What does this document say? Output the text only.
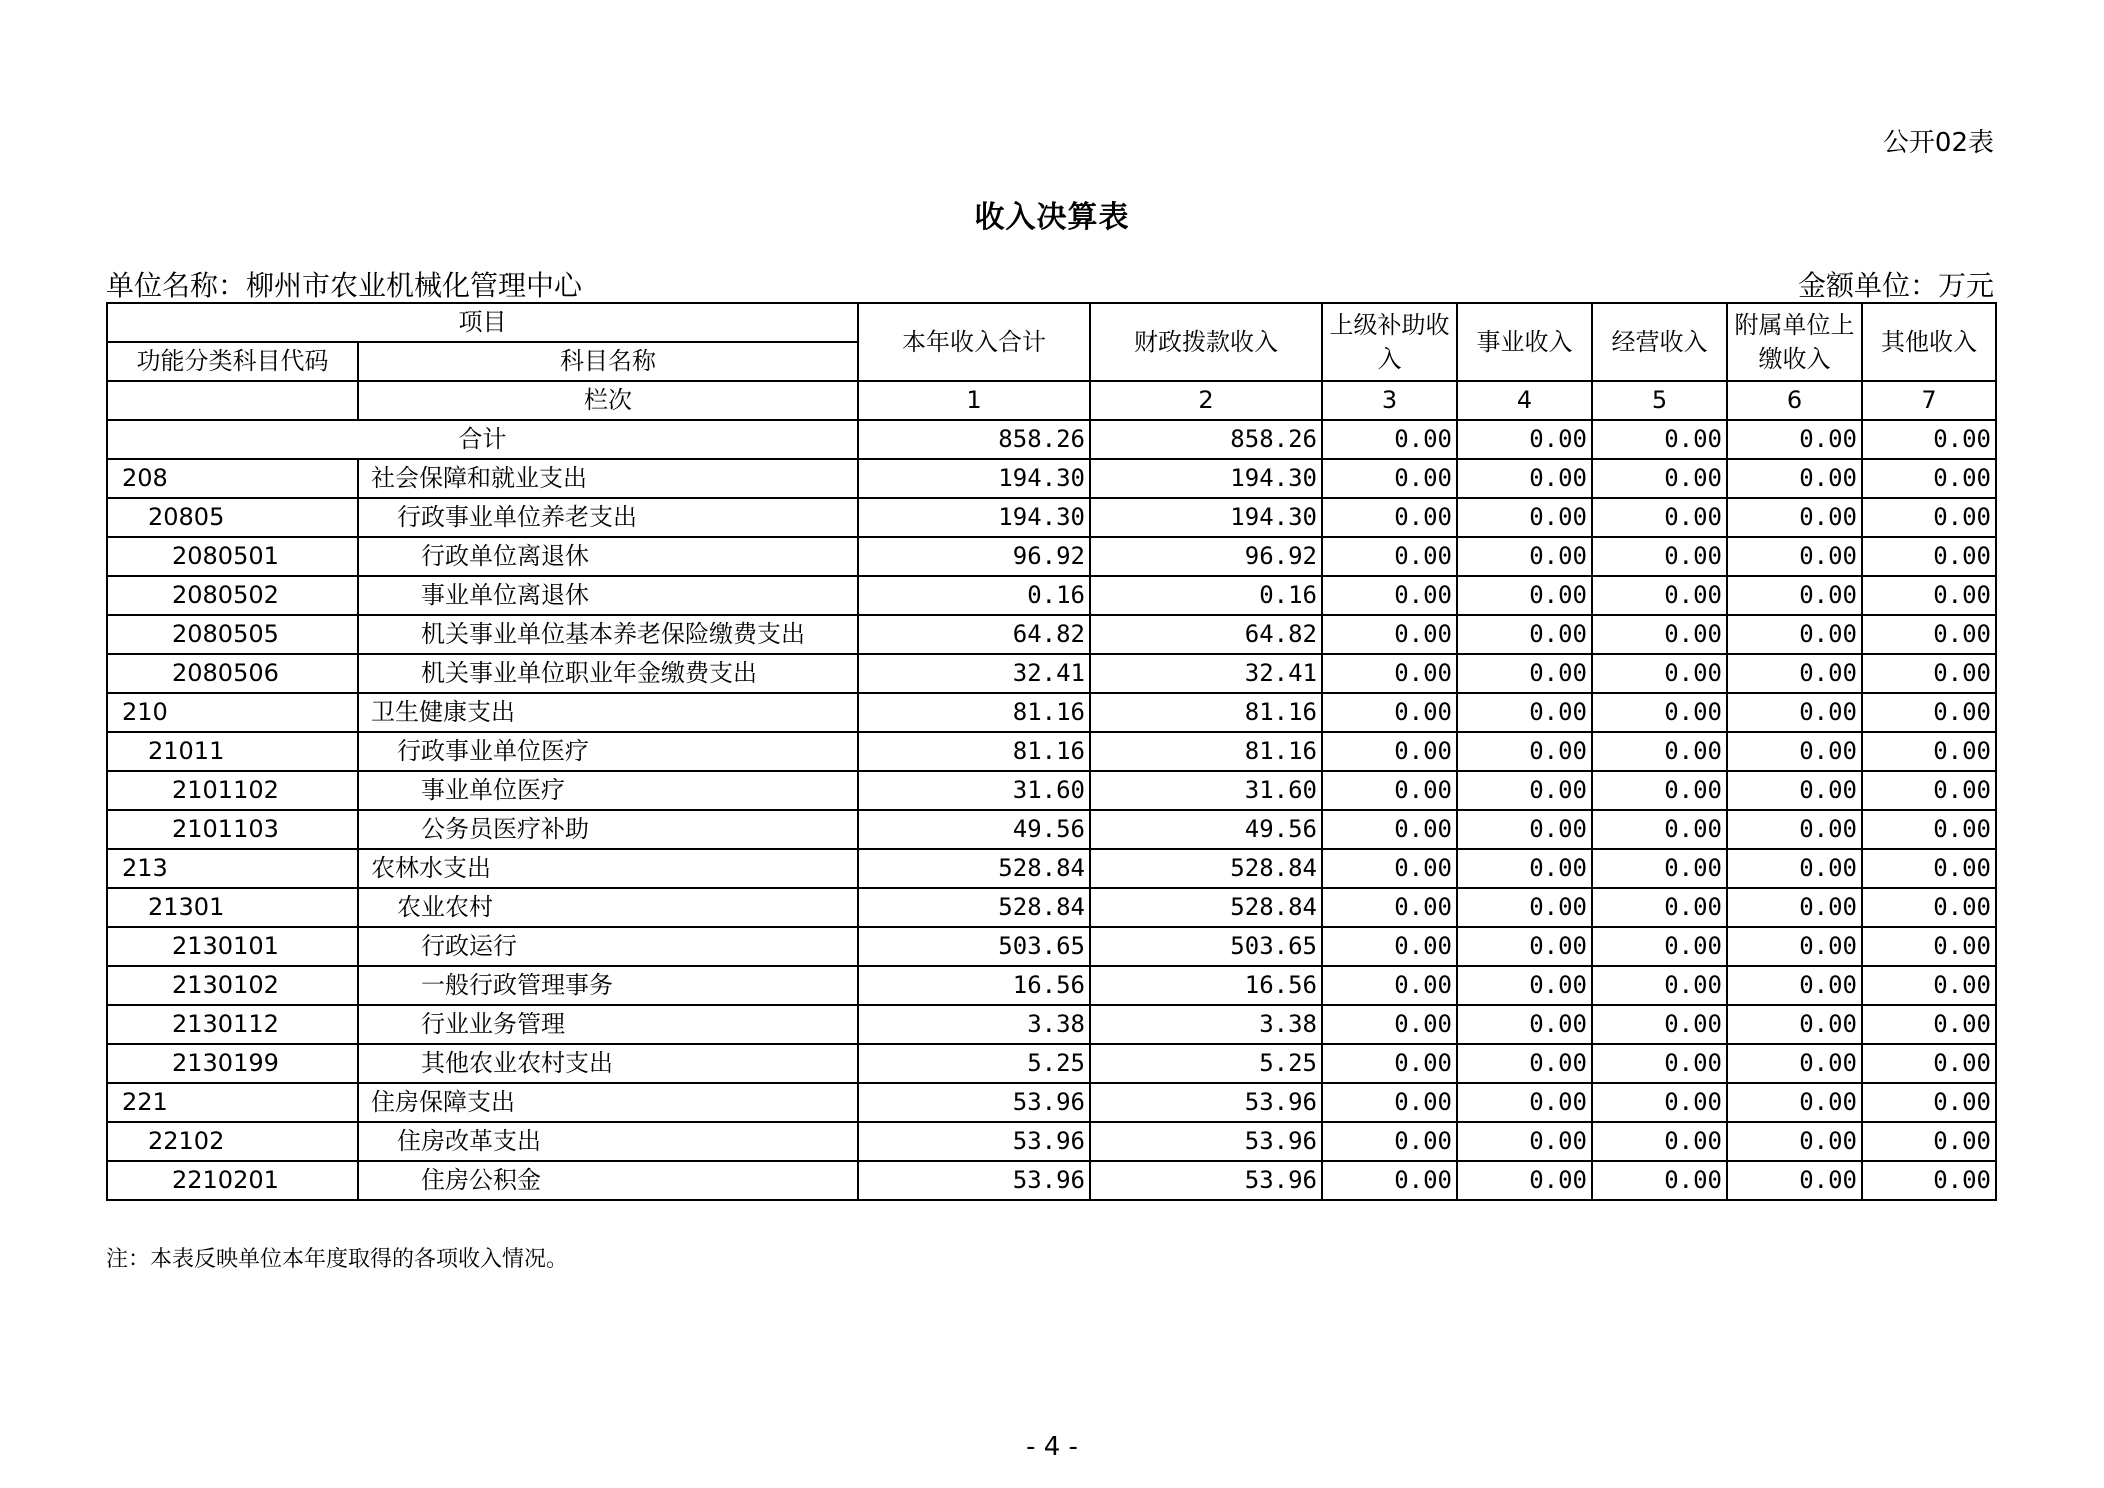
公开02表
收入决算表
单位名称：柳州市农业机械化管理中心	金额单位：万元
项目		本年收入合计	财政拨款收入	上级补助收入	事业收入	经营收入	附属单位上缴收入	其他收入
功能分类科目代码	科目名称							
	栏次	1	2	3	4	5	6	7
合计		858.26	858.26	0.00	0.00	0.00	0.00	0.00
208	社会保障和就业支出	194.30	194.30	0.00	0.00	0.00	0.00	0.00
20805	行政事业单位养老支出	194.30	194.30	0.00	0.00	0.00	0.00	0.00
2080501	行政单位离退休	96.92	96.92	0.00	0.00	0.00	0.00	0.00
2080502	事业单位离退休	0.16	0.16	0.00	0.00	0.00	0.00	0.00
2080505	机关事业单位基本养老保险缴费支出	64.82	64.82	0.00	0.00	0.00	0.00	0.00
2080506	机关事业单位职业年金缴费支出	32.41	32.41	0.00	0.00	0.00	0.00	0.00
210	卫生健康支出	81.16	81.16	0.00	0.00	0.00	0.00	0.00
21011	行政事业单位医疗	81.16	81.16	0.00	0.00	0.00	0.00	0.00
2101102	事业单位医疗	31.60	31.60	0.00	0.00	0.00	0.00	0.00
2101103	公务员医疗补助	49.56	49.56	0.00	0.00	0.00	0.00	0.00
213	农林水支出	528.84	528.84	0.00	0.00	0.00	0.00	0.00
21301	农业农村	528.84	528.84	0.00	0.00	0.00	0.00	0.00
2130101	行政运行	503.65	503.65	0.00	0.00	0.00	0.00	0.00
2130102	一般行政管理事务	16.56	16.56	0.00	0.00	0.00	0.00	0.00
2130112	行业业务管理	3.38	3.38	0.00	0.00	0.00	0.00	0.00
2130199	其他农业农村支出	5.25	5.25	0.00	0.00	0.00	0.00	0.00
221	住房保障支出	53.96	53.96	0.00	0.00	0.00	0.00	0.00
22102	住房改革支出	53.96	53.96	0.00	0.00	0.00	0.00	0.00
2210201	住房公积金	53.96	53.96	0.00	0.00	0.00	0.00	0.00
注：本表反映单位本年度取得的各项收入情况。
- 4 -
